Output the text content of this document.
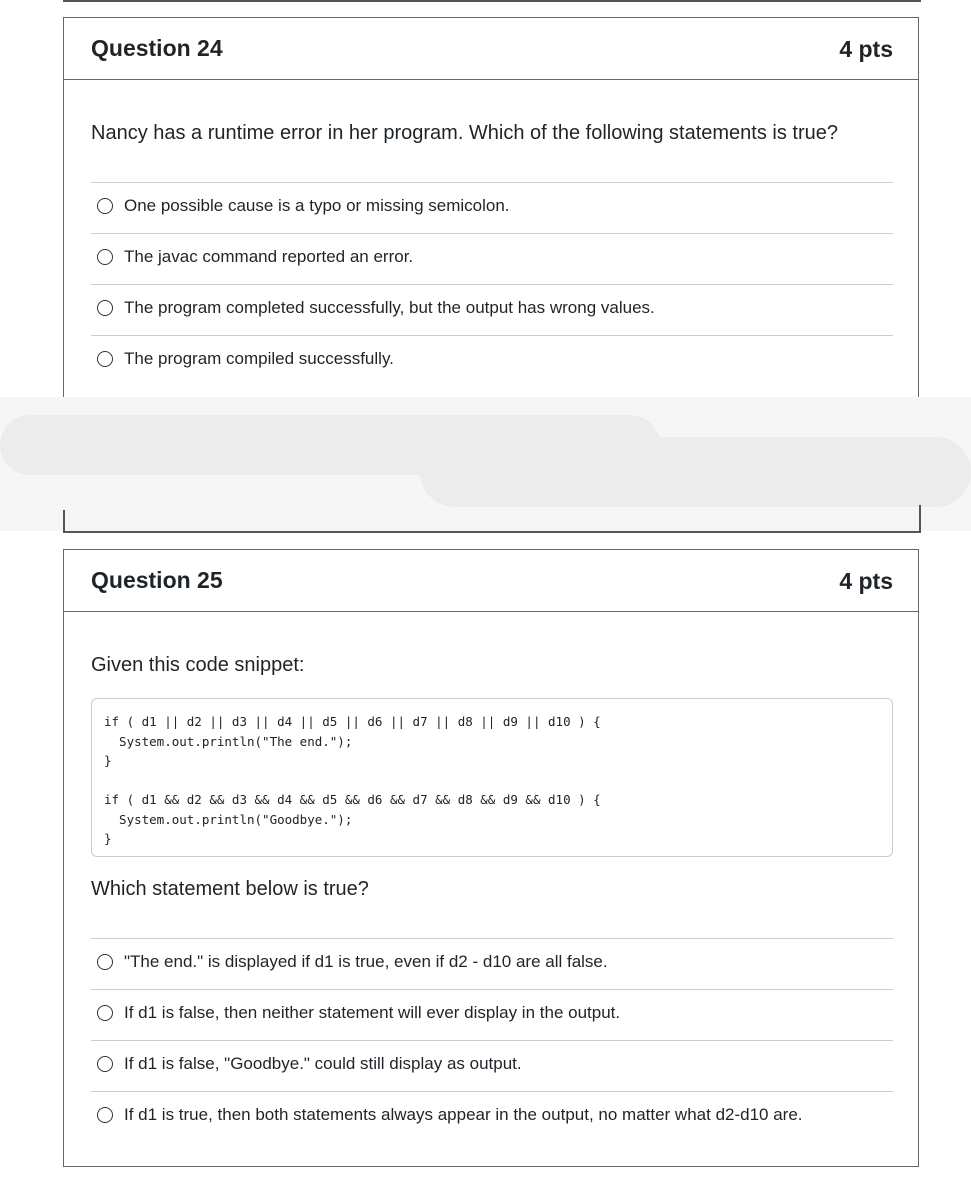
Question 24	4 pts
Nancy has a runtime error in her program. Which of the following statements is true?
One possible cause is a typo or missing semicolon.
The javac command reported an error.
The program completed successfully, but the output has wrong values.
The program compiled successfully.
Question 25	4 pts
Given this code snippet:
if ( d1 || d2 || d3 || d4 || d5 || d6 || d7 || d8 || d9 || d10 ) {
System.out.println("The end.");
}
if ( d1 && d2 && d3 && d4 && d5 && d6 && d7 && d8 && d9 && d10 ) {
System.out.println("Goodbye.");
}
Which statement below is true?
"The end." is displayed if d1 is true, even if d2 - d10 are all false.
If d1 is false, then neither statement will ever display in the output.
If d1 is false, "Goodbye." could still display as output.
If d1 is true, then both statements always appear in the output, no matter what d2-d10 are.
